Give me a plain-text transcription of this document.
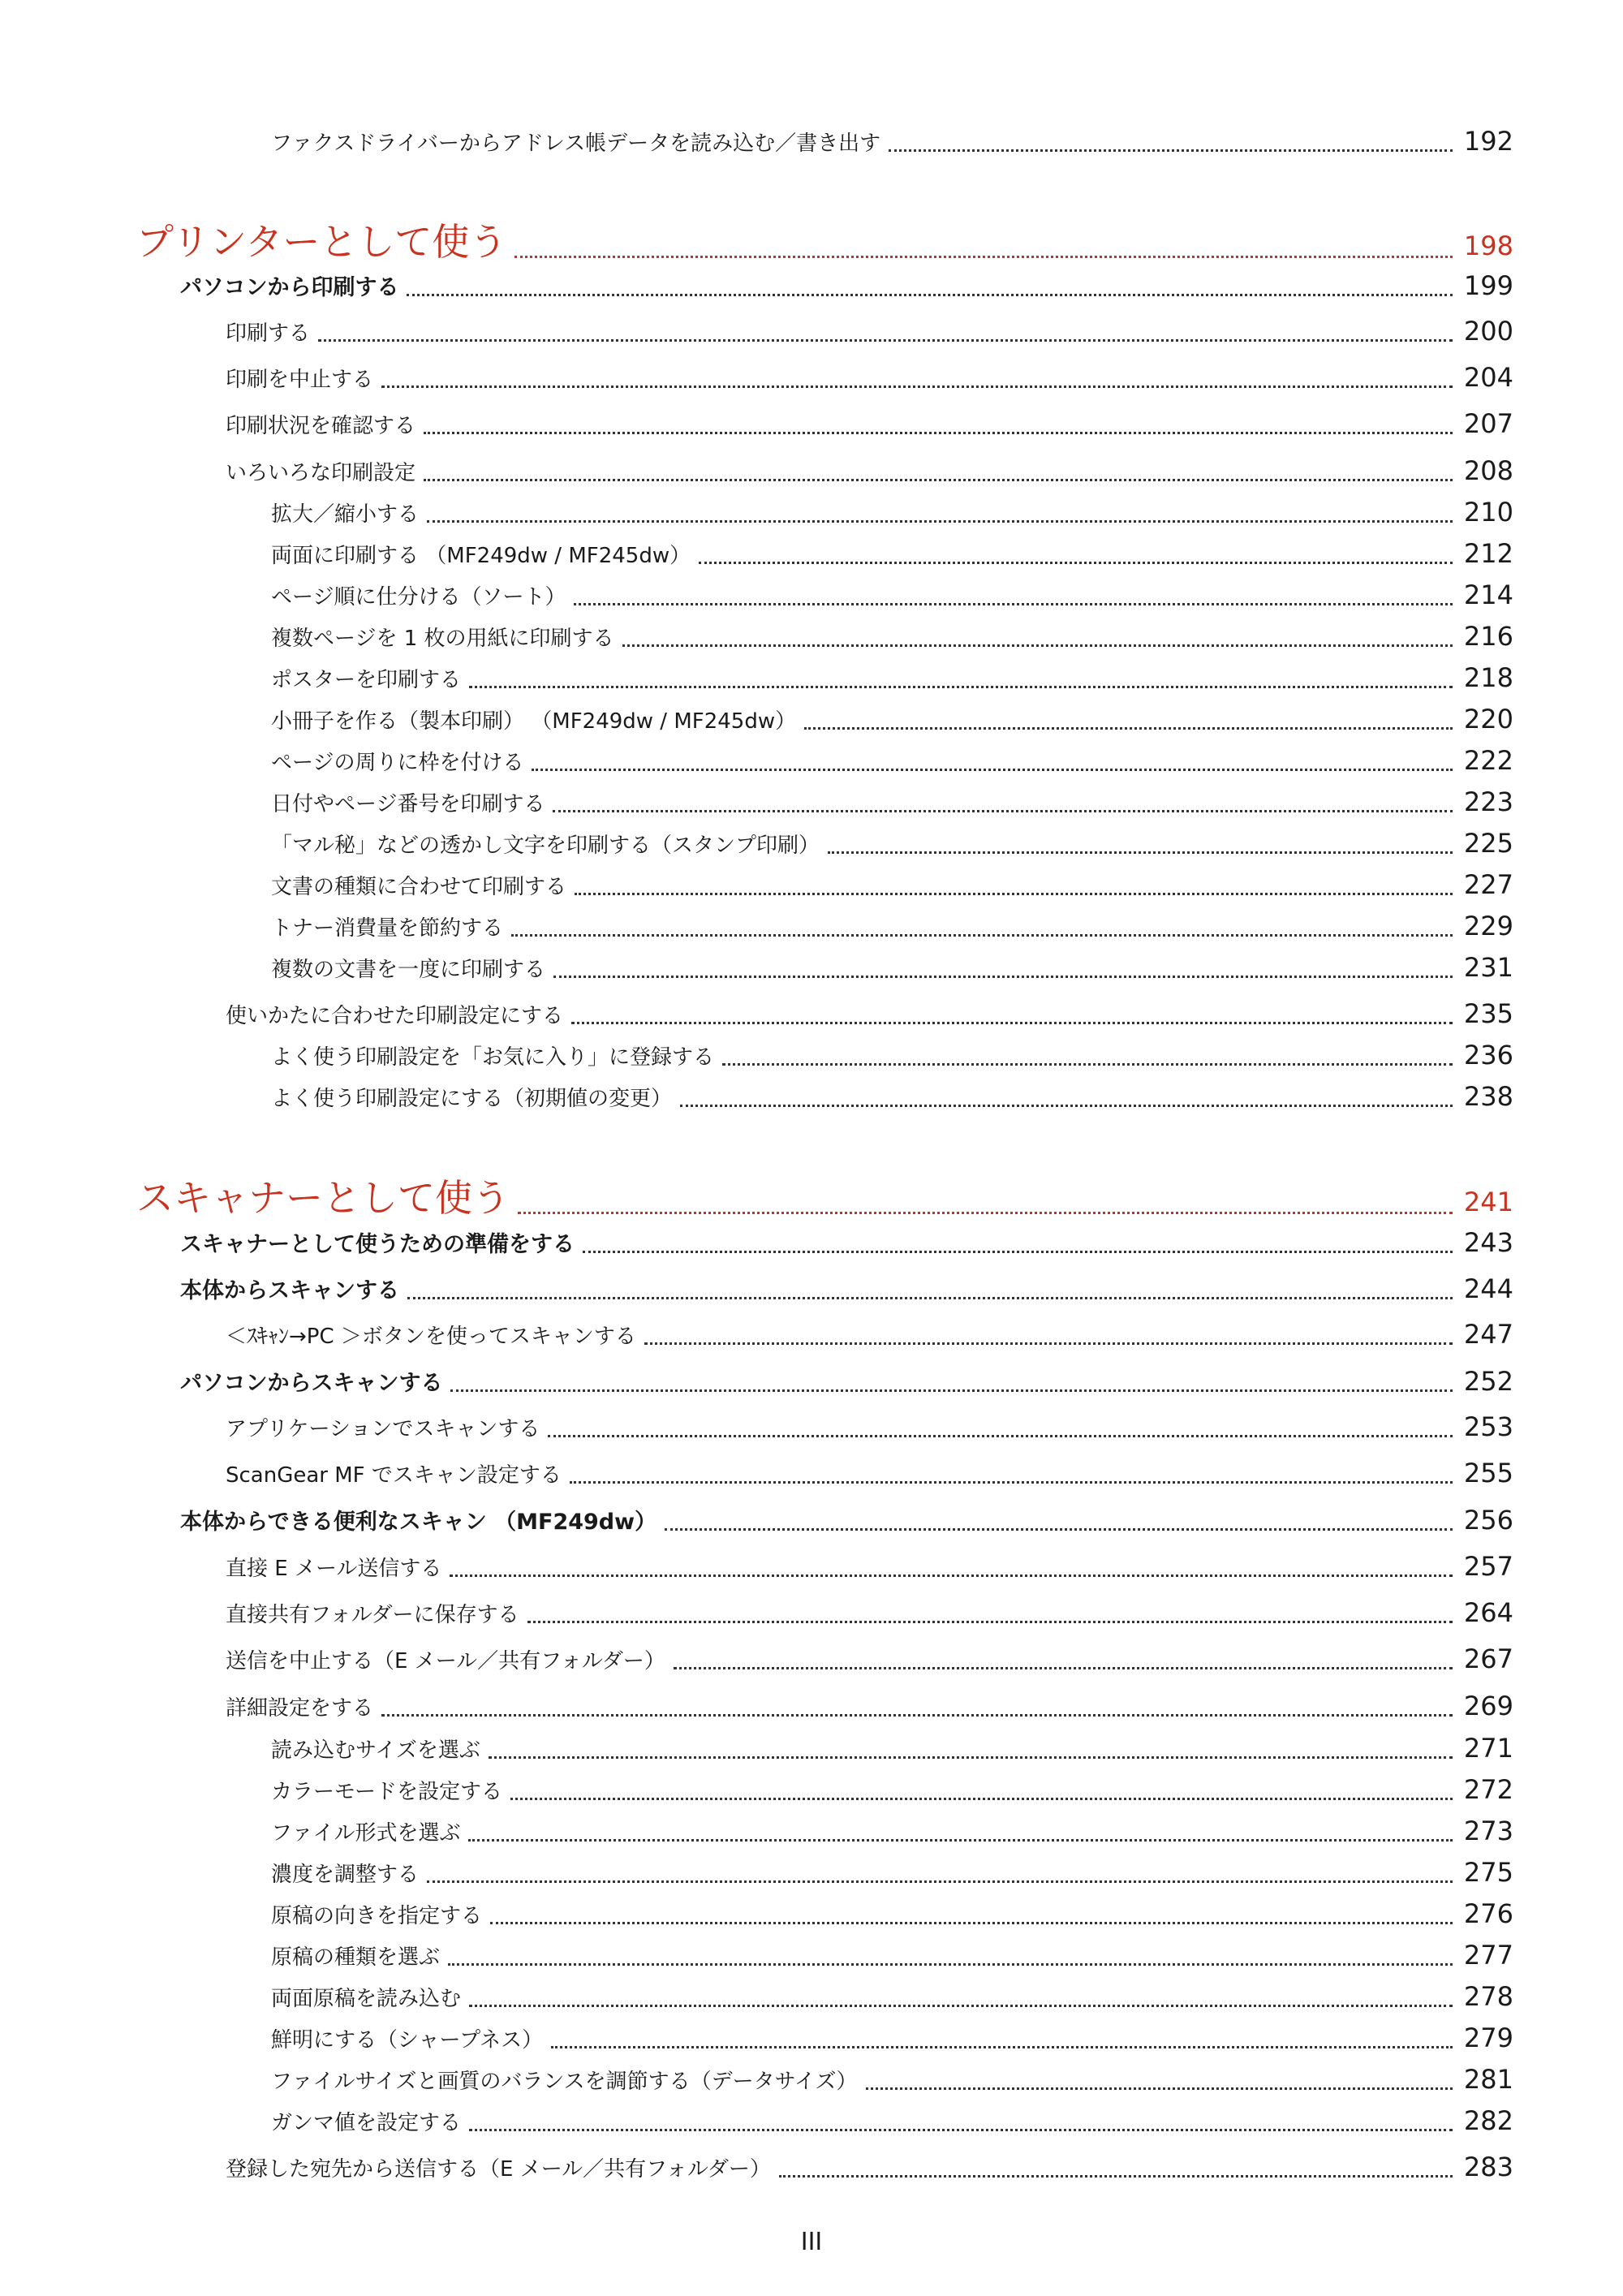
ファクスドライバーからアドレス帳データを読み込む／書き出す	192
プリンターとして使う	198
パソコンから印刷する	199
印刷する	200
印刷を中止する	204
印刷状況を確認する	207
いろいろな印刷設定	208
拡大／縮小する	210
両面に印刷する （MF249dw / MF245dw）	212
ページ順に仕分ける（ソート）	214
複数ページを 1 枚の用紙に印刷する	216
ポスターを印刷する	218
小冊子を作る（製本印刷） （MF249dw / MF245dw）	220
ページの周りに枠を付ける	222
日付やページ番号を印刷する	223
「マル秘」などの透かし文字を印刷する（スタンプ印刷）	225
文書の種類に合わせて印刷する	227
トナー消費量を節約する	229
複数の文書を一度に印刷する	231
使いかたに合わせた印刷設定にする	235
よく使う印刷設定を「お気に入り」に登録する	236
よく使う印刷設定にする（初期値の変更）	238
スキャナーとして使う	241
スキャナーとして使うための準備をする	243
本体からスキャンする	244
＜ｽｷｬﾝ→PC ＞ボタンを使ってスキャンする	247
パソコンからスキャンする	252
アプリケーションでスキャンする	253
ScanGear MF でスキャン設定する	255
本体からできる便利なスキャン （MF249dw）	256
直接 E メール送信する	257
直接共有フォルダーに保存する	264
送信を中止する（E メール／共有フォルダー）	267
詳細設定をする	269
読み込むサイズを選ぶ	271
カラーモードを設定する	272
ファイル形式を選ぶ	273
濃度を調整する	275
原稿の向きを指定する	276
原稿の種類を選ぶ	277
両面原稿を読み込む	278
鮮明にする（シャープネス）	279
ファイルサイズと画質のバランスを調節する（データサイズ）	281
ガンマ値を設定する	282
登録した宛先から送信する（E メール／共有フォルダー）	283
III
